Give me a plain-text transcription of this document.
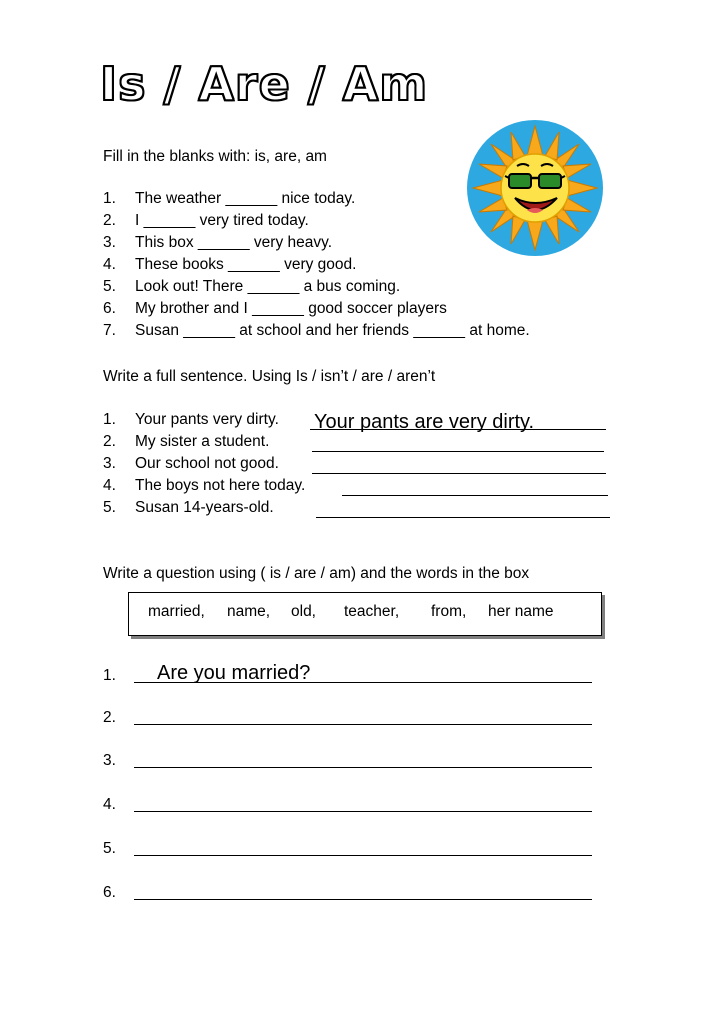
Is / Are / Am
Fill in the blanks with: is, are, am
1.	The weather ______ nice today.
2.	I ______ very tired today.
3.	This box ______ very heavy.
4.	These books ______ very good.
5.	Look out! There ______ a bus coming.
6.	My brother and I ______ good soccer players
7.	Susan ______ at school and her friends ______ at home.
Write a full sentence. Using Is / isn’t / are / aren’t
1.	Your pants very dirty. Your pants are very dirty.
2.	My sister a student.
3.	Our school not good.
4.	The boys not here today.
5.	Susan 14-years-old.
Write a question using ( is / are / am) and the words in the box
married, name, old, teacher, from, her name
1.	Are you married?
2.
3.
4.
5.
6.
